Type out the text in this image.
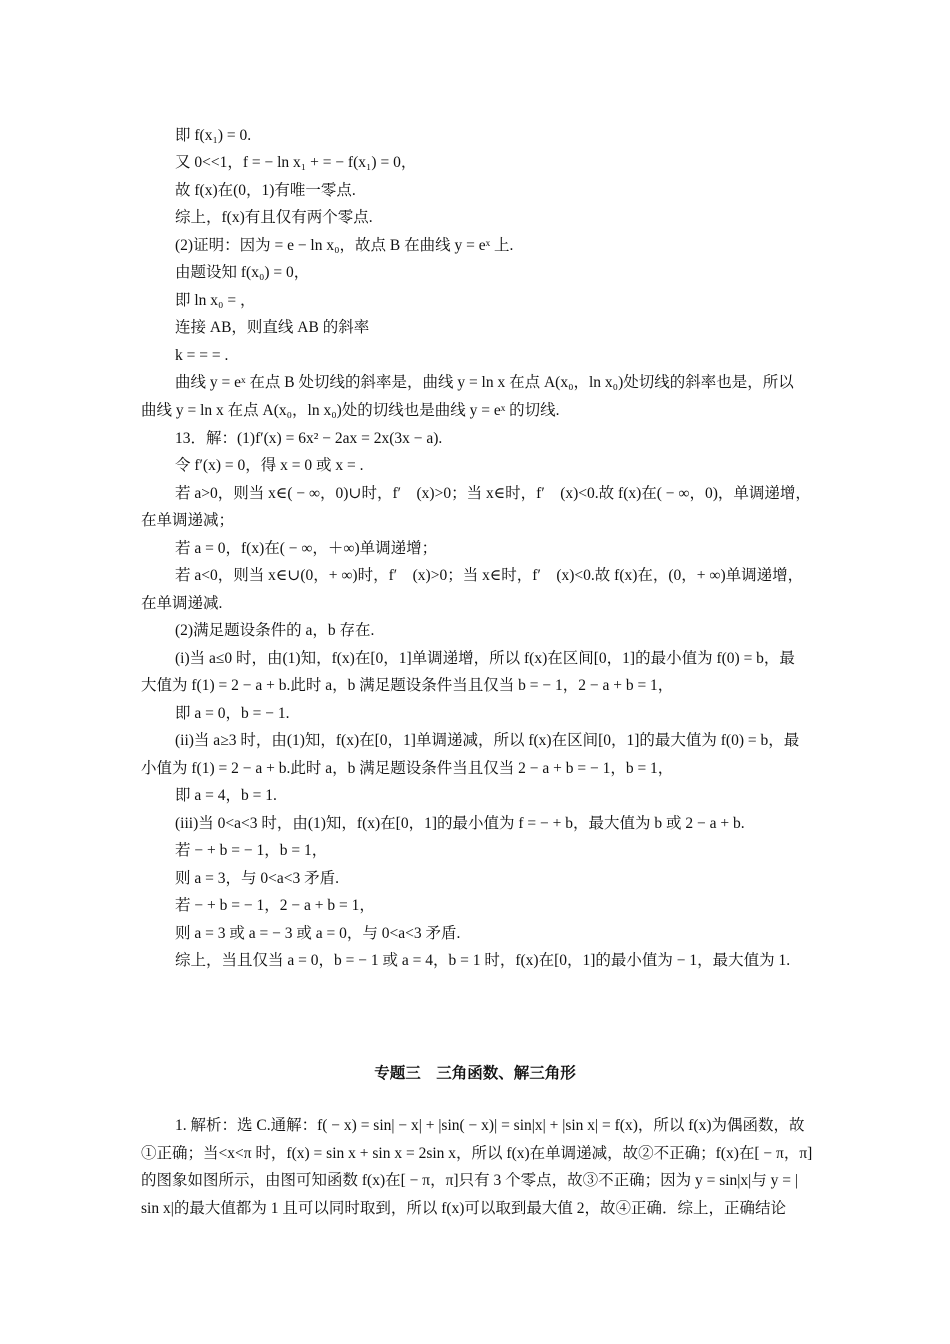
即 f(x₁) = 0.
又 0<<1，f = − ln x₁ + = − f(x₁) = 0，
故 f(x)在(0，1)有唯一零点.
综上，f(x)有且仅有两个零点.
(2)证明：因为 = e − ln x₀，故点 B 在曲线 y = eˣ 上.
由题设知 f(x₀) = 0，
即 ln x₀ = ，
连接 AB，则直线 AB 的斜率
k = = = .
曲线 y = eˣ 在点 B 处切线的斜率是，曲线 y = ln x 在点 A(x₀，ln x₀)处切线的斜率也是，所以
曲线 y = ln x 在点 A(x₀，ln x₀)处的切线也是曲线 y = eˣ 的切线.
13．解：(1)f′(x) = 6x² − 2ax = 2x(3x − a).
令 f′(x) = 0，得 x = 0 或 x = .
若 a>0，则当 x∈( − ∞，0)∪时，f′　(x)>0；当 x∈时，f′　(x)<0.故 f(x)在( − ∞，0)，单调递增，
在单调递减；
若 a = 0，f(x)在( − ∞，＋∞)单调递增；
若 a<0，则当 x∈∪(0，+ ∞)时，f′　(x)>0；当 x∈时，f′　(x)<0.故 f(x)在，(0，+ ∞)单调递增，
在单调递减.
(2)满足题设条件的 a，b 存在.
(i)当 a≤0 时，由(1)知，f(x)在[0，1]单调递增，所以 f(x)在区间[0，1]的最小值为 f(0) = b，最
大值为 f(1) = 2 − a + b.此时 a，b 满足题设条件当且仅当 b = − 1，2 − a + b = 1，
即 a = 0，b = − 1.
(ii)当 a≥3 时，由(1)知，f(x)在[0，1]单调递减，所以 f(x)在区间[0，1]的最大值为 f(0) = b，最
小值为 f(1) = 2 − a + b.此时 a，b 满足题设条件当且仅当 2 − a + b = − 1，b = 1，
即 a = 4，b = 1.
(iii)当 0<a<3 时，由(1)知，f(x)在[0，1]的最小值为 f = − + b，最大值为 b 或 2 − a + b.
若 − + b = − 1，b = 1，
则 a = 3，与 0<a<3 矛盾.
若 − + b = − 1，2 − a + b = 1，
则 a = 3 或 a = − 3 或 a = 0，与 0<a<3 矛盾.
综上，当且仅当 a = 0，b = − 1 或 a = 4，b = 1 时，f(x)在[0，1]的最小值为 − 1，最大值为 1.
1. 解析：选 C.通解：f( − x) = sin| − x| + |sin( − x)| = sin|x| + |sin x| = f(x)，所以 f(x)为偶函数，故
①正确；当<x<π 时，f(x) = sin x + sin x = 2sin x，所以 f(x)在单调递减，故②不正确；f(x)在[ − π，π]
的图象如图所示，由图可知函数 f(x)在[ − π，π]只有 3 个零点，故③不正确；因为 y = sin|x|与 y = |
sin x|的最大值都为 1 且可以同时取到，所以 f(x)可以取到最大值 2，故④正确．综上，正确结论
专题三　三角函数、解三角形
